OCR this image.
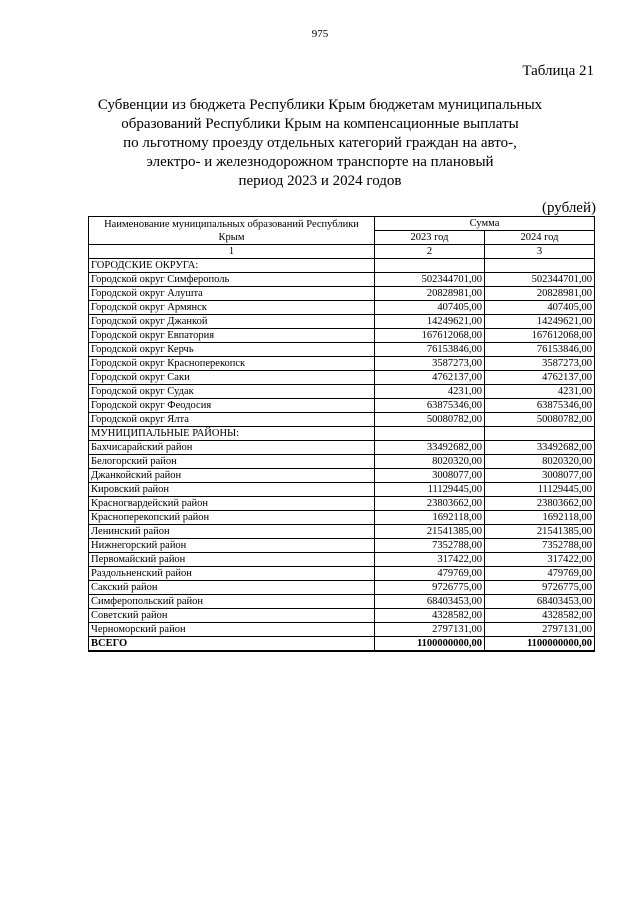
975
Таблица 21
Субвенции из бюджета Республики Крым бюджетам муниципальных
образований Республики Крым на компенсационные выплаты
по льготному проезду отдельных категорий граждан на авто-,
электро- и железнодорожном транспорте на плановый
период 2023 и 2024 годов
(рублей)
Наименование муниципальных образований Республики Крым	Сумма	
	2023 год	2024 год
1	2	3
ГОРОДСКИЕ ОКРУГА:		
Городской округ Симферополь	502344701,00	502344701,00
Городской округ Алушта	20828981,00	20828981,00
Городской округ Армянск	407405,00	407405,00
Городской округ Джанкой	14249621,00	14249621,00
Городской округ Евпатория	167612068,00	167612068,00
Городской округ Керчь	76153846,00	76153846,00
Городской округ Красноперекопск	3587273,00	3587273,00
Городской округ Саки	4762137,00	4762137,00
Городской округ Судак	4231,00	4231,00
Городской округ Феодосия	63875346,00	63875346,00
Городской округ Ялта	50080782,00	50080782,00
МУНИЦИПАЛЬНЫЕ РАЙОНЫ:		
Бахчисарайский район	33492682,00	33492682,00
Белогорский район	8020320,00	8020320,00
Джанкойский район	3008077,00	3008077,00
Кировский район	11129445,00	11129445,00
Красногвардейский район	23803662,00	23803662,00
Красноперекопский район	1692118,00	1692118,00
Ленинский район	21541385,00	21541385,00
Нижнегорский район	7352788,00	7352788,00
Первомайский район	317422,00	317422,00
Раздольненский район	479769,00	479769,00
Сакский район	9726775,00	9726775,00
Симферопольский район	68403453,00	68403453,00
Советский район	4328582,00	4328582,00
Черноморский район	2797131,00	2797131,00
ВСЕГО	1100000000,00	1100000000,00
